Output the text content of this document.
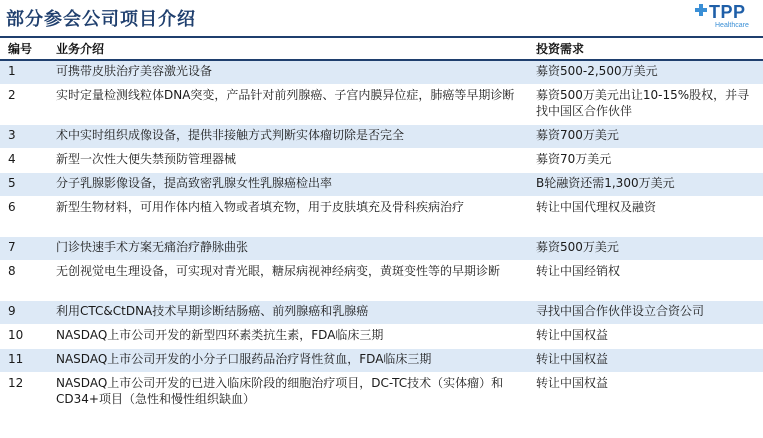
部分参会公司项目介绍	TPP
Healthcare
编号	业务介绍	投资需求
1	可携带皮肤治疗美容激光设备	募资500-2,500万美元
2	实时定量检测线粒体DNA突变，产品针对前列腺癌、子宫内膜异位症，肺癌等早期诊断	募资500万美元出让10-15%股权，并寻找中国区合作伙伴
3	术中实时组织成像设备，提供非接触方式判断实体瘤切除是否完全	募资700万美元
4	新型一次性大便失禁预防管理器械	募资70万美元
5	分子乳腺影像设备，提高致密乳腺女性乳腺癌检出率	B轮融资还需1,300万美元
6	新型生物材料，可用作体内植入物或者填充物，用于皮肤填充及骨科疾病治疗	转让中国代理权及融资
7	门诊快速手术方案无痛治疗静脉曲张	募资500万美元
8	无创视觉电生理设备，可实现对青光眼，糖尿病视神经病变，黄斑变性等的早期诊断	转让中国经销权
9	利用CTC&CtDNA技术早期诊断结肠癌、前列腺癌和乳腺癌	寻找中国合作伙伴设立合资公司
10	NASDAQ上市公司开发的新型四环素类抗生素，FDA临床三期	转让中国权益
11	NASDAQ上市公司开发的小分子口服药品治疗肾性贫血，FDA临床三期	转让中国权益
12	NASDAQ上市公司开发的已进入临床阶段的细胞治疗项目，DC-TC技术（实体瘤）和CD34+项目（急性和慢性组织缺血）	转让中国权益
